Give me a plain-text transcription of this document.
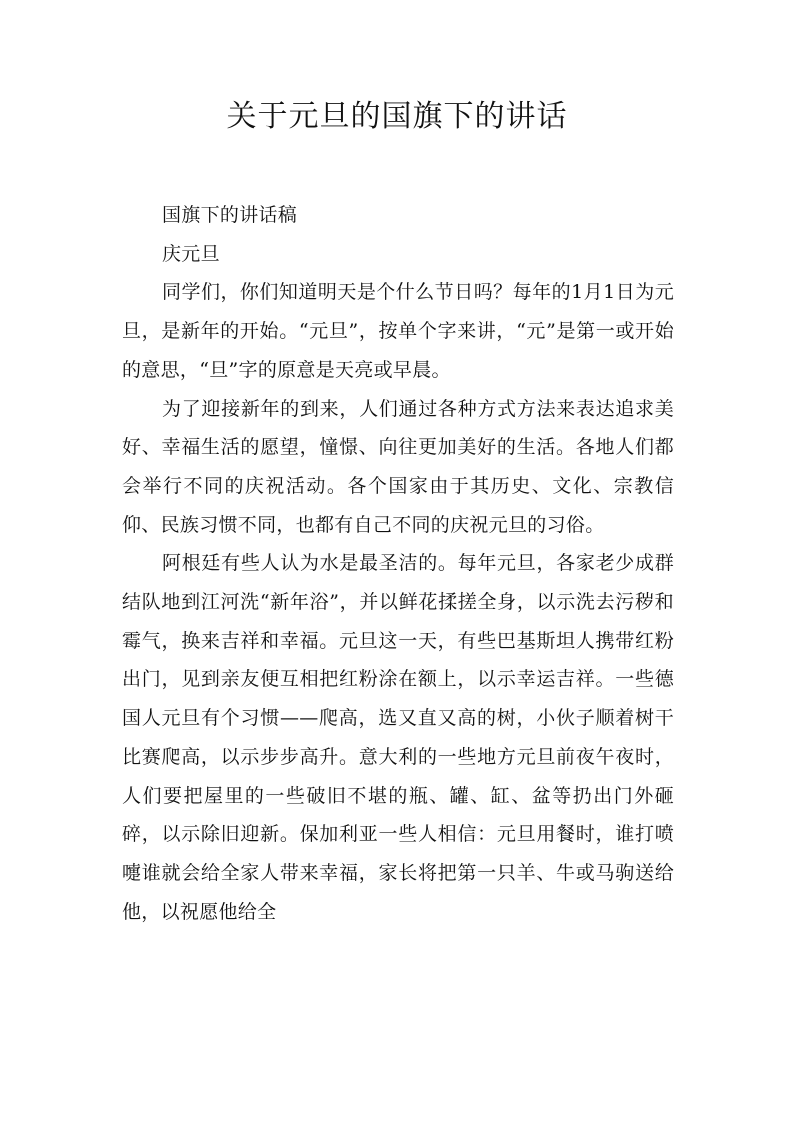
关于元旦的国旗下的讲话

国旗下的讲话稿

庆元旦

同学们，你们知道明天是个什么节日吗？每年的1月1日为元旦，是新年的开始。“元旦”，按单个字来讲，“元”是第一或开始的意思，“旦”字的原意是天亮或早晨。

为了迎接新年的到来，人们通过各种方式方法来表达追求美好、幸福生活的愿望，憧憬、向往更加美好的生活。各地人们都会举行不同的庆祝活动。各个国家由于其历史、文化、宗教信仰、民族习惯不同，也都有自己不同的庆祝元旦的习俗。

阿根廷有些人认为水是最圣洁的。每年元旦，各家老少成群结队地到江河洗“新年浴”，并以鲜花揉搓全身，以示洗去污秽和霉气，换来吉祥和幸福。元旦这一天，有些巴基斯坦人携带红粉出门，见到亲友便互相把红粉涂在额上，以示幸运吉祥。一些德国人元旦有个习惯——爬高，选又直又高的树，小伙子顺着树干比赛爬高，以示步步高升。意大利的一些地方元旦前夜午夜时，人们要把屋里的一些破旧不堪的瓶、罐、缸、盆等扔出门外砸碎，以示除旧迎新。保加利亚一些人相信：元旦用餐时，谁打喷嚏谁就会给全家人带来幸福，家长将把第一只羊、牛或马驹送给他，以祝愿他给全
